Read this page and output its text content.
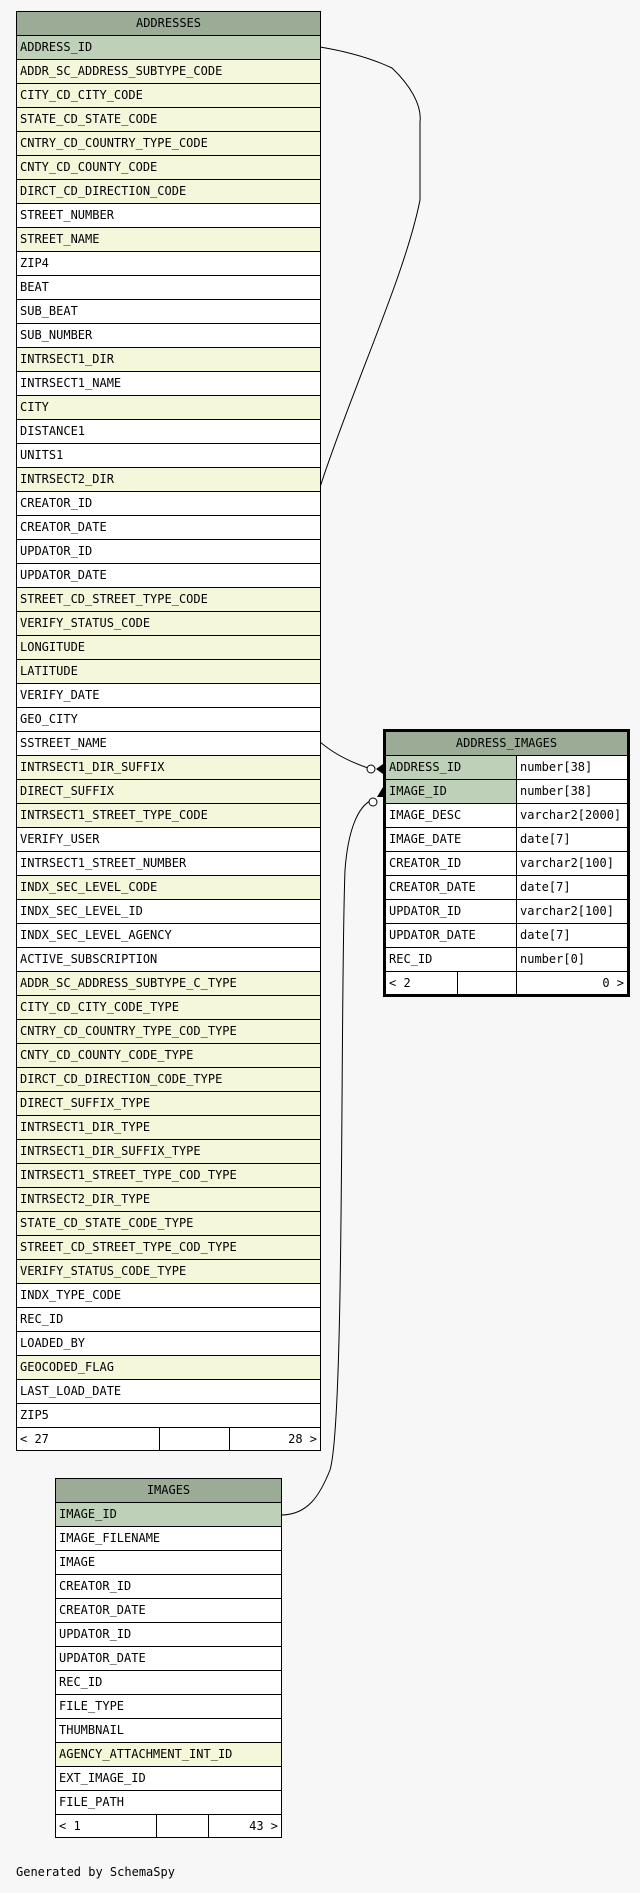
ADDRESSES
ADDRESS_ID
ADDR_SC_ADDRESS_SUBTYPE_CODE
CITY_CD_CITY_CODE
STATE_CD_STATE_CODE
CNTRY_CD_COUNTRY_TYPE_CODE
CNTY_CD_COUNTY_CODE
DIRCT_CD_DIRECTION_CODE
STREET_NUMBER
STREET_NAME
ZIP4
BEAT
SUB_BEAT
SUB_NUMBER
INTRSECT1_DIR
INTRSECT1_NAME
CITY
DISTANCE1
UNITS1
INTRSECT2_DIR
CREATOR_ID
CREATOR_DATE
UPDATOR_ID
UPDATOR_DATE
STREET_CD_STREET_TYPE_CODE
VERIFY_STATUS_CODE
LONGITUDE
LATITUDE
VERIFY_DATE
GEO_CITY
SSTREET_NAME
INTRSECT1_DIR_SUFFIX
DIRECT_SUFFIX
INTRSECT1_STREET_TYPE_CODE
VERIFY_USER
INTRSECT1_STREET_NUMBER
INDX_SEC_LEVEL_CODE
INDX_SEC_LEVEL_ID
INDX_SEC_LEVEL_AGENCY
ACTIVE_SUBSCRIPTION
ADDR_SC_ADDRESS_SUBTYPE_C_TYPE
CITY_CD_CITY_CODE_TYPE
CNTRY_CD_COUNTRY_TYPE_COD_TYPE
CNTY_CD_COUNTY_CODE_TYPE
DIRCT_CD_DIRECTION_CODE_TYPE
DIRECT_SUFFIX_TYPE
INTRSECT1_DIR_TYPE
INTRSECT1_DIR_SUFFIX_TYPE
INTRSECT1_STREET_TYPE_COD_TYPE
INTRSECT2_DIR_TYPE
STATE_CD_STATE_CODE_TYPE
STREET_CD_STREET_TYPE_COD_TYPE
VERIFY_STATUS_CODE_TYPE
INDX_TYPE_CODE
REC_ID
LOADED_BY
GEOCODED_FLAG
LAST_LOAD_DATE
ZIP5
< 27	28 >
ADDRESS_IMAGES
ADDRESS_ID	number[38]
IMAGE_ID	number[38]
IMAGE_DESC	varchar2[2000]
IMAGE_DATE	date[7]
CREATOR_ID	varchar2[100]
CREATOR_DATE	date[7]
UPDATOR_ID	varchar2[100]
UPDATOR_DATE	date[7]
REC_ID	number[0]
< 2	0 >
IMAGES
IMAGE_ID
IMAGE_FILENAME
IMAGE
CREATOR_ID
CREATOR_DATE
UPDATOR_ID
UPDATOR_DATE
REC_ID
FILE_TYPE
THUMBNAIL
AGENCY_ATTACHMENT_INT_ID
EXT_IMAGE_ID
FILE_PATH
< 1	43 >
Generated by SchemaSpy
